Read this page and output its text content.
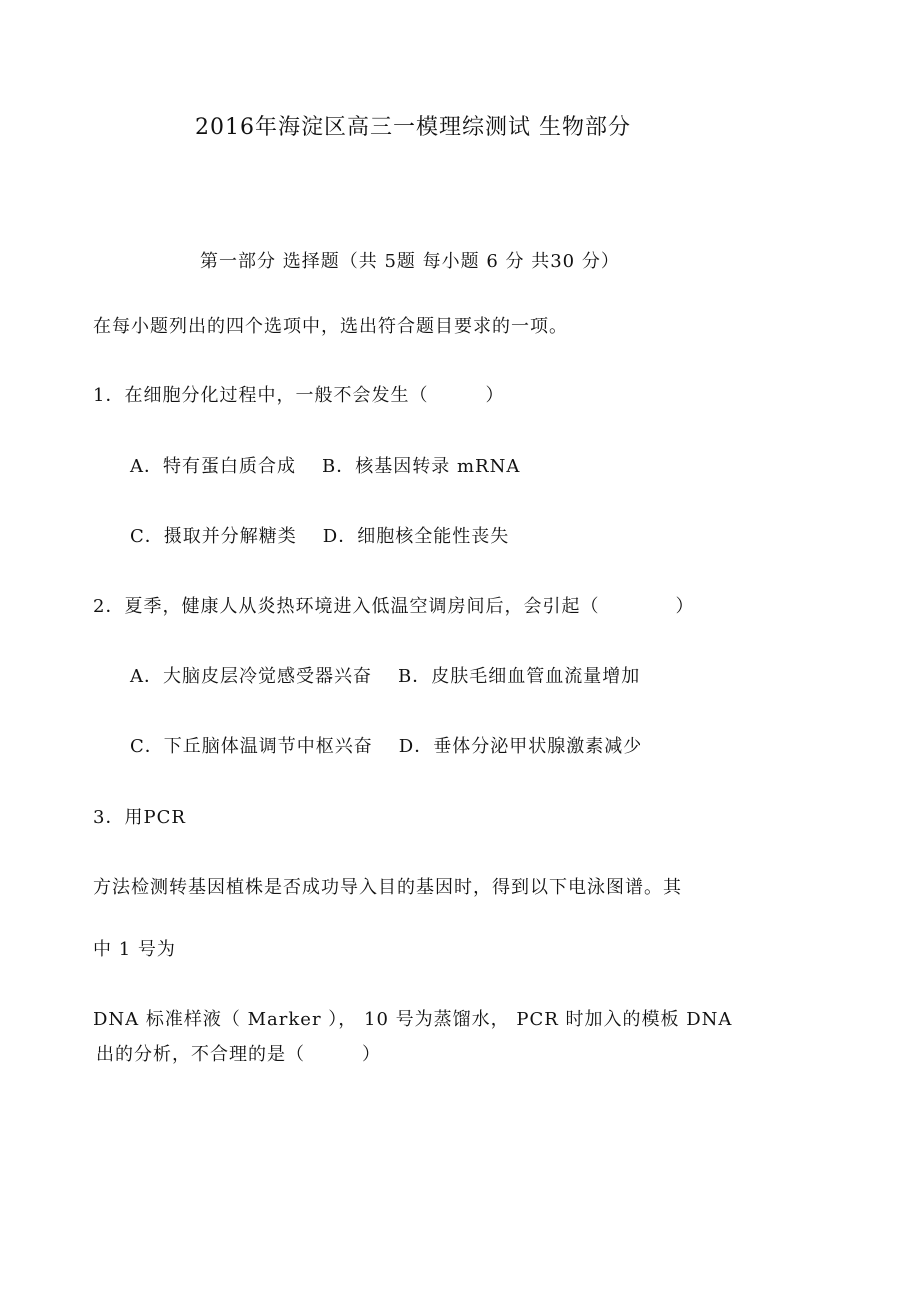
2016年海淀区高三一模理综测试 生物部分
第一部分 选择题（共 5题 每小题 6 分 共30 分）
在每小题列出的四个选项中，选出符合题目要求的一项。
1．在细胞分化过程中，一般不会发生（　　　）
A．特有蛋白质合成 B．核基因转录 mRNA
C．摄取并分解糖类 D．细胞核全能性丧失
2．夏季，健康人从炎热环境进入低温空调房间后，会引起（　　　　）
A．大脑皮层冷觉感受器兴奋 B．皮肤毛细血管血流量增加
C．下丘脑体温调节中枢兴奋 D．垂体分泌甲状腺激素减少
3．用PCR
方法检测转基因植株是否成功导入目的基因时，得到以下电泳图谱。其
中 1 号为
DNA 标准样液（ Marker ）， 10 号为蒸馏水， PCR 时加入的模板 DNA
出的分析，不合理的是（　　　）
